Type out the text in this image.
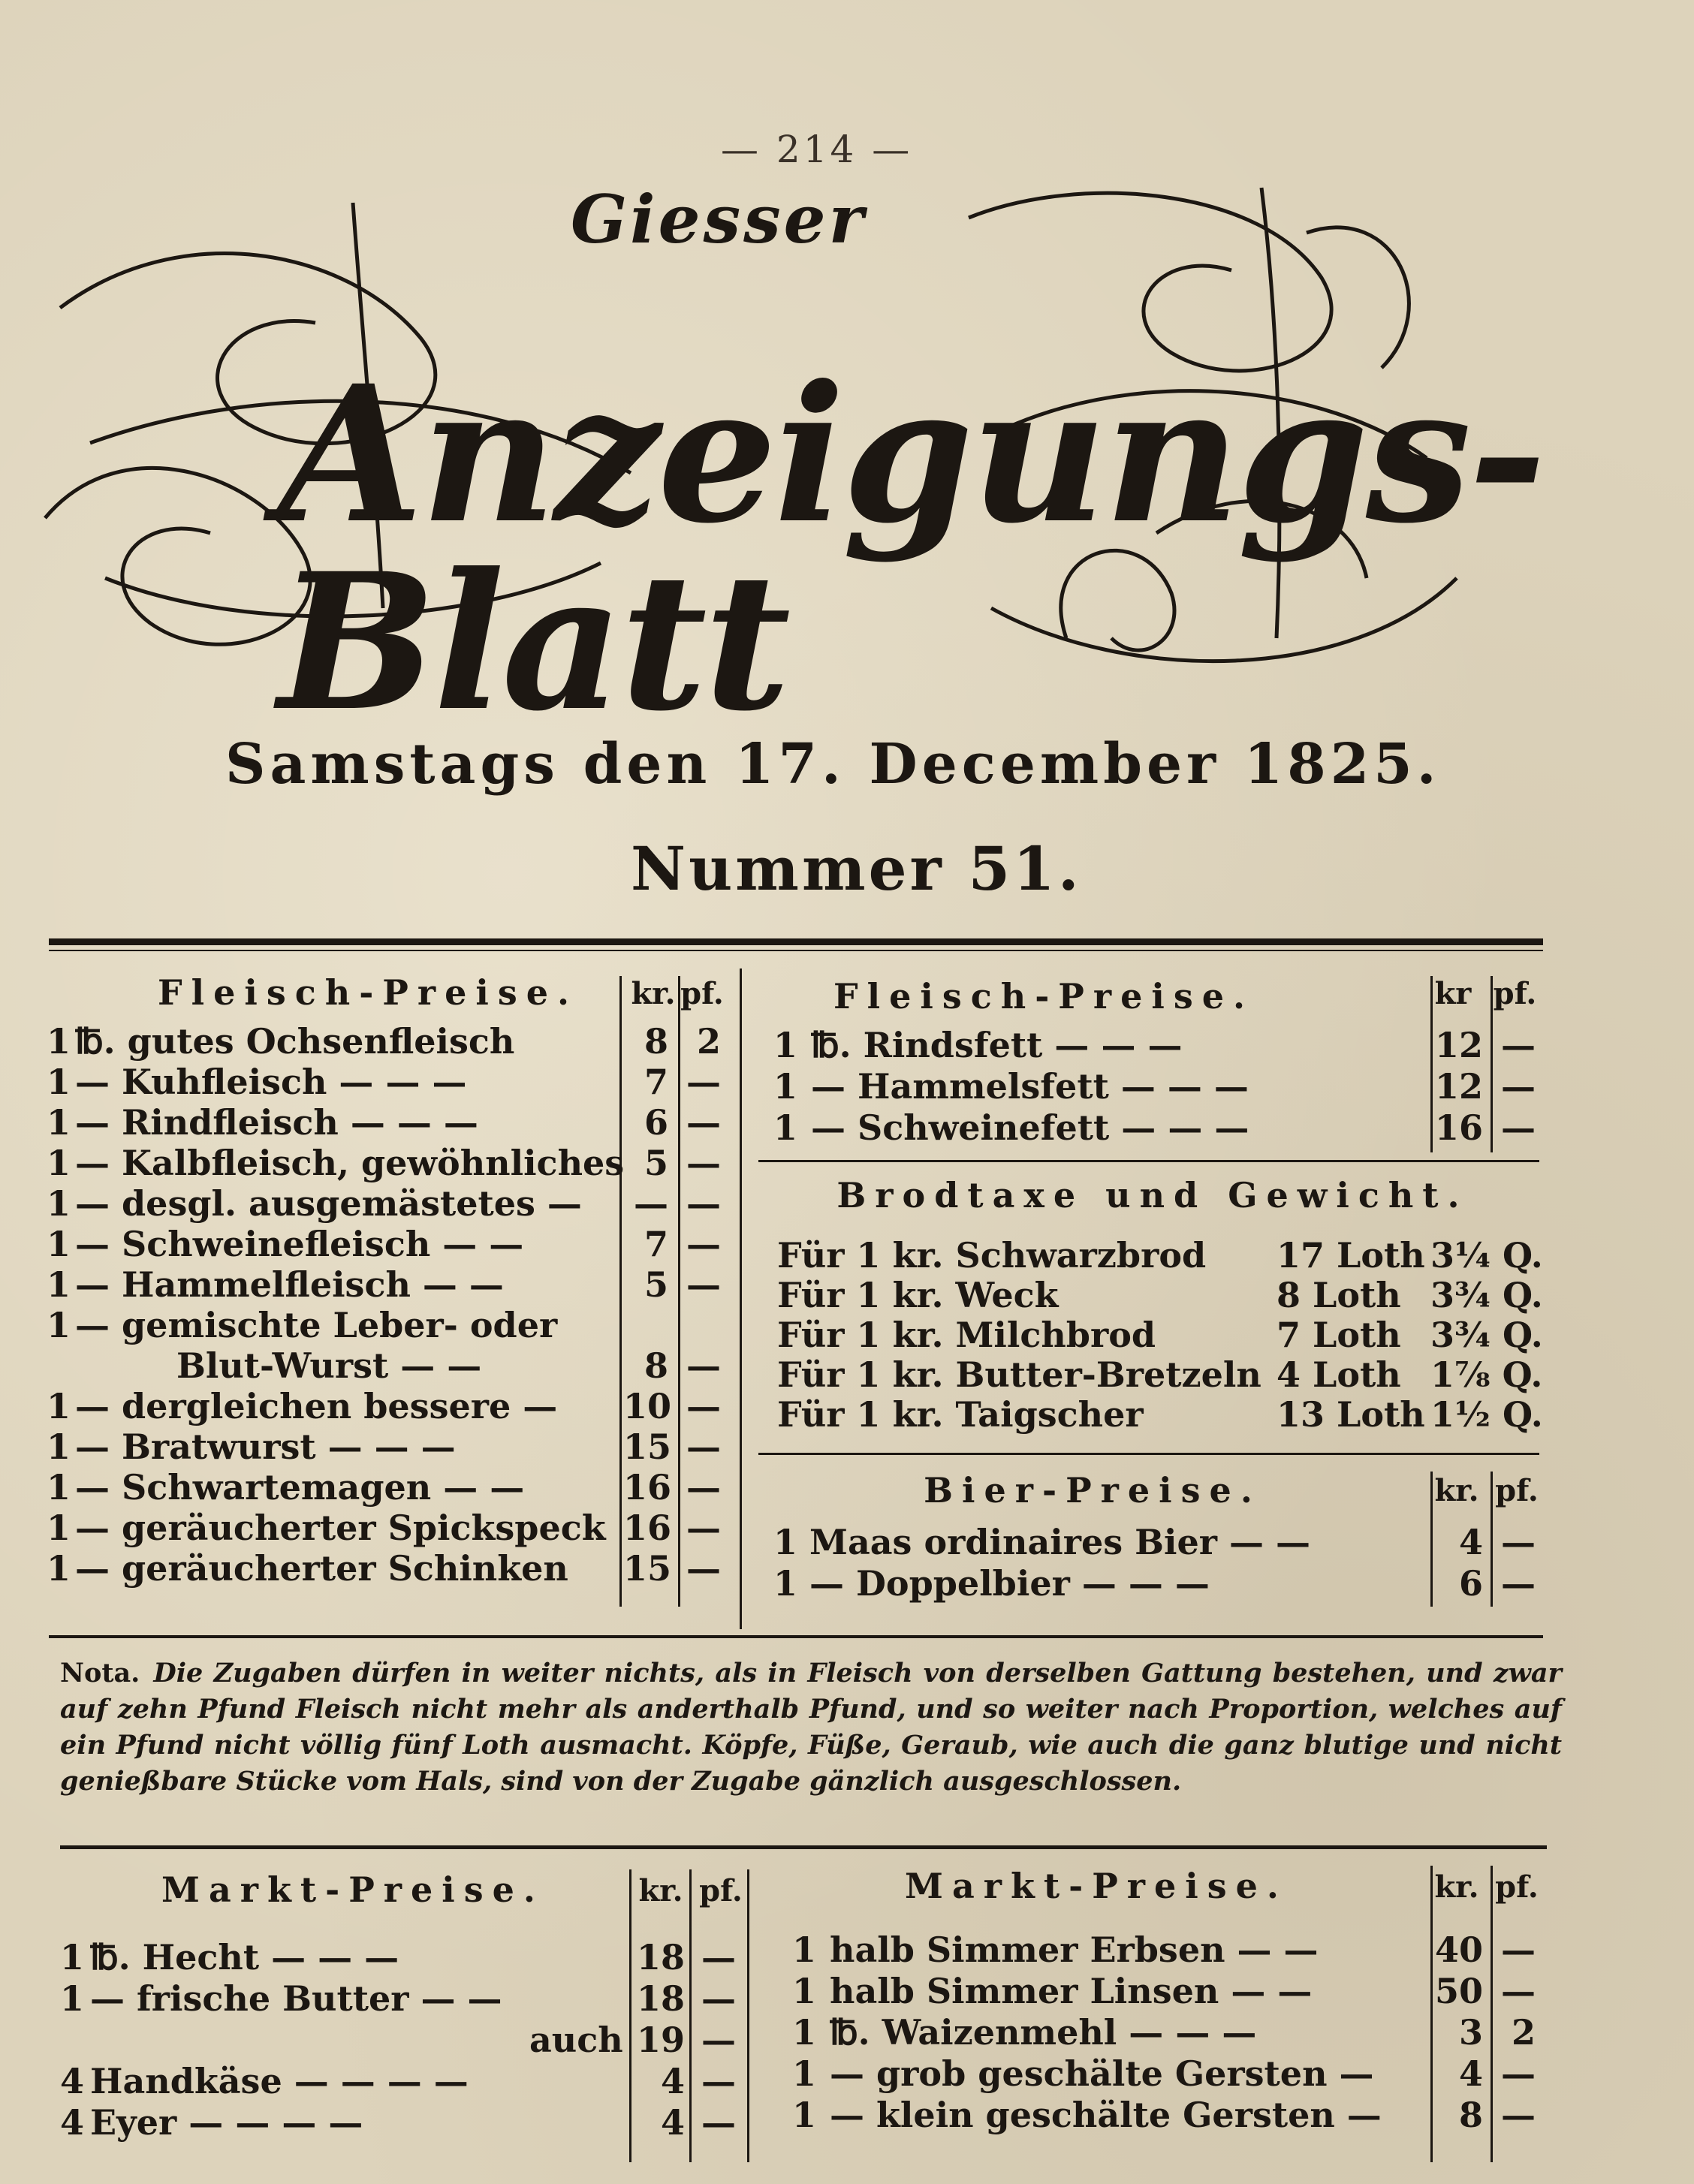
— 214 —
Giesser
Anzeigungs-Blatt
Samstags den 17. December 1825.
Nummer 51.
Fleisch-Preise.	kr. pf.
1 ℔. gutes Ochsenfleisch	8 2
1 — Kuhfleisch — — —	7 —
1 — Rindfleisch — — —	6 —
1 — Kalbfleisch, gewöhnliches 5 —
1 — desgl. ausgemästetes —	— —
1 — Schweinefleisch — —	7 —
1 — Hammelfleisch — —	5 —
1 — gemischte Leber- oder
Blut-Wurst — —	8 —
1 — dergleichen bessere — 10 —
1 — Bratwurst — — —	15 —
1 — Schwartemagen — —	16 —
1 — geräucherter Spickspeck 16 —
1 — geräucherter Schinken 15 —
Fleisch-Preise.	kr pf.
1 ℔. Rindsfett — — —	12 —
1 — Hammelsfett — — —	12 —
1 — Schweinefett — — —	16 —
Brodtaxe und Gewicht.
Für 1 kr. Schwarzbrod 17 Loth 3¼ Q.
Für 1 kr. Weck	8 Loth 3¾ Q.
Für 1 kr. Milchbrod	7 Loth 3¾ Q.
Für 1 kr. Butter-Bretzeln 4 Loth 1⅞ Q.
Für 1 kr. Taigscher	13 Loth 1½ Q.
Bier-Preise.	kr. pf.
1 Maas ordinaires Bier — —	4 —
1 — Doppelbier — — —	6 —
Nota. Die Zugaben dürfen in weiter nichts, als in Fleisch von derselben Gattung bestehen, und zwar auf zehn Pfund Fleisch nicht mehr als anderthalb Pfund, und so weiter nach Proportion, welches auf ein Pfund nicht völlig fünf Loth ausmacht. Köpfe, Füße, Geraub, wie auch die ganz blutige und nicht genießbare Stücke vom Hals, sind von der Zugabe gänzlich ausgeschlossen.
Markt-Preise.	kr. pf.
1 ℔. Hecht — — —	18 —
1 — frische Butter — —	18 —
auch 19 —
4 Handkäse — — — —	4 —
4 Eyer — — — —	4 —
Markt-Preise.	kr. pf.
1 halb Simmer Erbsen — —	40 —
1 halb Simmer Linsen — —	50 —
1 ℔. Waizenmehl — — —	3 2
1 — grob geschälte Gersten —	4 —
1 — klein geschälte Gersten —	8 —
